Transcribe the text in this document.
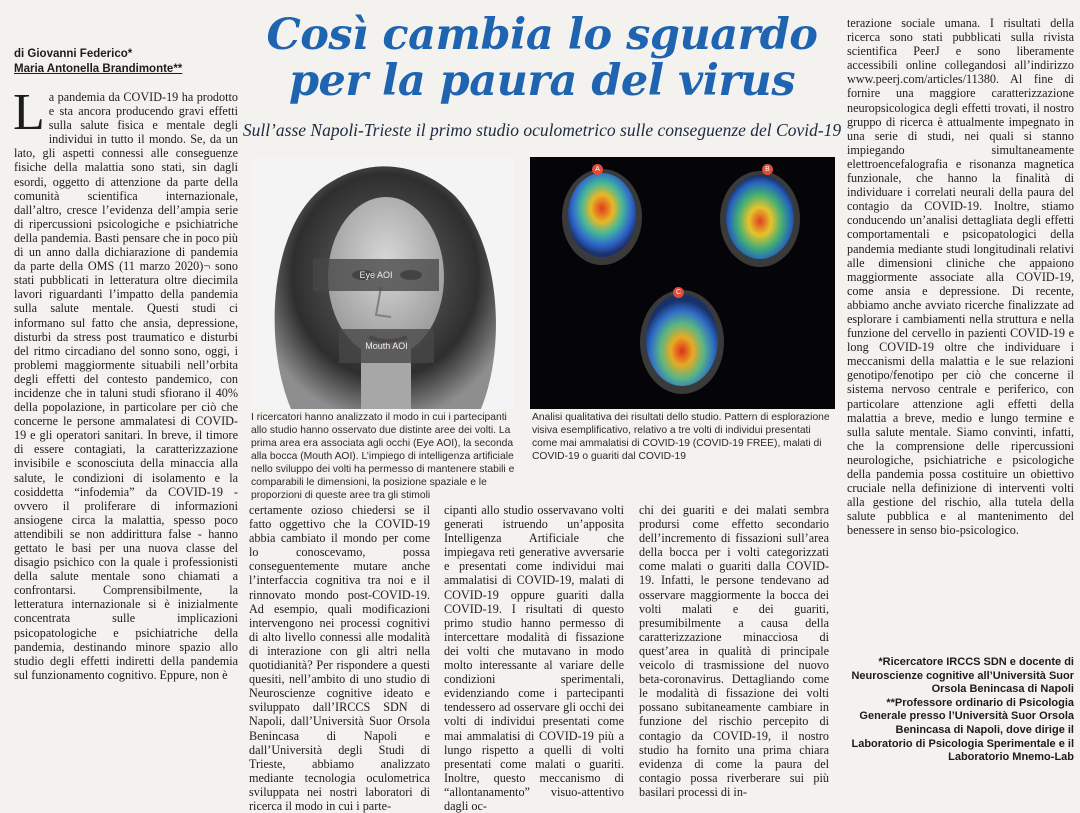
di Giovanni Federico*
Maria Antonella Brandimonte**
Così cambia lo sguardo
per la paura del virus
Sull’asse Napoli-Trieste il primo studio oculometrico sulle conseguenze del Covid-19
La pandemia da COVID-19 ha prodotto e sta ancora producendo gravi effetti sulla salute fisica e mentale degli individui in tutto il mondo. Se, da un lato, gli aspetti connessi alle conseguenze fisiche della malattia sono stati, sin dagli esordi, oggetto di attenzione da parte della comunità scientifica internazionale, dall’altro, cresce l’evidenza dell’ampia serie di ripercussioni psicologiche e psichiatriche della pandemia. Basti pensare che in poco più di un anno dalla dichiarazione di pandemia da parte della OMS (11 marzo 2020)¬ sono stati pubblicati in letteratura oltre diecimila lavori riguardanti l’impatto della pandemia sulla salute mentale. Questi studi ci informano sul fatto che ansia, depressione, disturbi da stress post traumatico e disturbi del ritmo circadiano del sonno sono, oggi, i problemi maggiormente situabili nell’orbita degli effetti del contesto pandemico, con incidenze che in taluni studi sfiorano il 40% della popolazione, in particolare per ciò che concerne le persone ammalatesi di COVID-19 e gli operatori sanitari. In breve, il timore di essere contagiati, la caratterizzazione invisibile e sconosciuta della minaccia alla salute, le condizioni di isolamento e la cosiddetta “infodemia” da COVID-19 - ovvero il proliferare di informazioni ansiogene circa la malattia, spesso poco attendibili se non addirittura false - hanno gettato le basi per una nuova classe del disagio psichico con la quale i professionisti della salute mentale sono chiamati a confrontarsi. Comprensibilmente, la letteratura internazionale si è inizialmente concentrata sulle implicazioni psicopatologiche e psichiatriche della pandemia, destinando minore spazio allo studio degli effetti indiretti della pandemia sul funzionamento cognitivo. Eppure, non è
Eye AOI
Mouth AOI
I ricercatori hanno analizzato il modo in cui i partecipanti allo studio hanno osservato due distinte aree dei volti. La prima area era associata agli occhi (Eye AOI), la seconda alla bocca (Mouth AOI). L’impiego di intelligenza artificiale nello sviluppo dei volti ha permesso di mantenere stabili e comparabili le dimensioni, la posizione spaziale e le proporzioni di queste aree tra gli stimoli
A	B
C
Analisi qualitativa dei risultati dello studio. Pattern di esplorazione visiva esemplificativo, relativo a tre volti di individui presentati come mai ammalatisi di COVID-19 (COVID-19 FREE), malati di COVID-19 o guariti dal COVID-19
certamente ozioso chiedersi se il fatto oggettivo che la COVID-19 abbia cambiato il mondo per come lo conoscevamo, possa conseguentemente mutare anche l’interfaccia cognitiva tra noi e il rinnovato mondo post-COVID-19. Ad esempio, quali modificazioni intervengono nei processi cognitivi di alto livello connessi alle modalità di interazione con gli altri nella quotidianità? Per rispondere a questi quesiti, nell’ambito di uno studio di Neuroscienze cognitive ideato e sviluppato dall’IRCCS SDN di Napoli, dall’Università Suor Orsola Benincasa di Napoli e dall’Università degli Studi di Trieste, abbiamo analizzato mediante tecnologia oculometrica sviluppata nei nostri laboratori di ricerca il modo in cui i parte-
cipanti allo studio osservavano volti generati istruendo un’apposita Intelligenza Artificiale che impiegava reti generative avversarie e presentati come individui mai ammalatisi di COVID-19, malati di COVID-19 oppure guariti dalla COVID-19. I risultati di questo primo studio hanno permesso di intercettare modalità di fissazione dei volti che mutavano in modo molto interessante al variare delle condizioni sperimentali, evidenziando come i partecipanti tendessero ad osservare gli occhi dei volti di individui presentati come mai ammalatisi di COVID-19 più a lungo rispetto a quelli di volti presentati come malati o guariti. Inoltre, questo meccanismo di “allontanamento” visuo-attentivo dagli oc-
chi dei guariti e dei malati sembra prodursi come effetto secondario dell’incremento di fissazioni sull’area della bocca per i volti categorizzati come malati o guariti dalla COVID-19. Infatti, le persone tendevano ad osservare maggiormente la bocca dei volti malati e dei guariti, presumibilmente a causa della caratterizzazione minacciosa di quest’area in qualità di principale veicolo di trasmissione del nuovo beta-coronavirus. Dettagliando come le modalità di fissazione dei volti possano subitaneamente cambiare in funzione del rischio percepito di contagio da COVID-19, il nostro studio ha fornito una prima chiara evidenza di come la paura del contagio possa riverberare sui più basilari processi di in-
terazione sociale umana. I risultati della ricerca sono stati pubblicati sulla rivista scientifica PeerJ e sono liberamente accessibili online collegandosi all’indirizzo www.peerj.com/articles/11380. Al fine di fornire una maggiore caratterizzazione neuropsicologica degli effetti trovati, il nostro gruppo di ricerca è attualmente impegnato in una serie di studi, nei quali si stanno impiegando simultaneamente elettroencefalografia e risonanza magnetica funzionale, che hanno la finalità di individuare i correlati neurali della paura del contagio da COVID-19. Inoltre, stiamo conducendo un’analisi dettagliata degli effetti comportamentali e psicopatologici della pandemia mediante studi longitudinali relativi alle dimensioni cliniche che appaiono maggiormente associate alla COVID-19, come ansia e depressione. Di recente, abbiamo anche avviato ricerche finalizzate ad esplorare i cambiamenti nella struttura e nella funzione del cervello in pazienti COVID-19 e long COVID-19 oltre che individuare i meccanismi della malattia e le sue relazioni genotipo/fenotipo per ciò che concerne il sistema nervoso centrale e periferico, con particolare attenzione agli effetti della malattia a breve, medio e lungo termine e sulla salute mentale. Siamo convinti, infatti, che la comprensione delle ripercussioni neurologiche, psichiatriche e psicologiche della pandemia possa costituire un obiettivo cruciale nella definizione di interventi volti alla gestione del rischio, alla tutela della salute pubblica e al mantenimento del benessere in senso bio-psicologico.
*Ricercatore IRCCS SDN e docente di Neuroscienze cognitive all’Università Suor Orsola Benincasa di Napoli
**Professore ordinario di Psicologia Generale presso l’Università Suor Orsola Benincasa di Napoli, dove dirige il Laboratorio di Psicologia Sperimentale e il Laboratorio Mnemo-Lab
